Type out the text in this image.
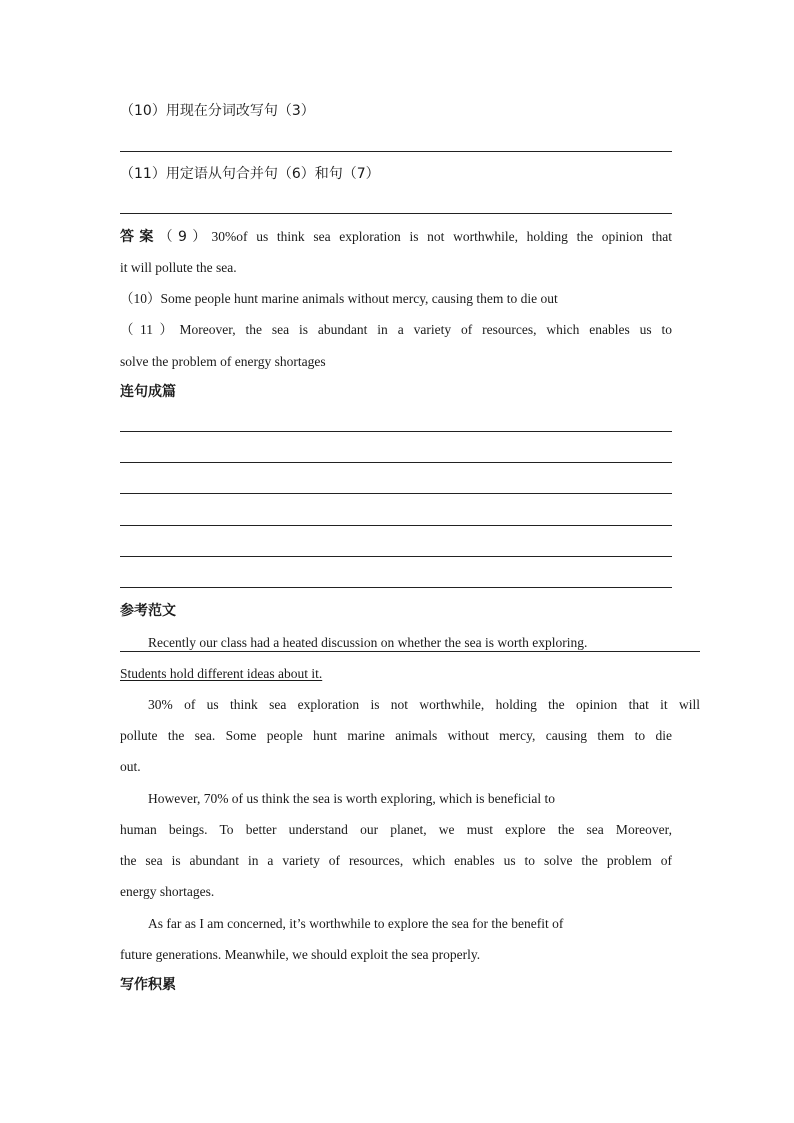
（10）用现在分词改写句（3）
（11）用定语从句合并句（6）和句（7）
答案（9）30%of us think sea exploration is not worthwhile, holding the opinion that
it will pollute the sea.
（10）Some people hunt marine animals without mercy, causing them to die out
（11）Moreover, the sea is abundant in a variety of resources, which enables us to
solve the problem of energy shortages
连句成篇
参考范文
Recently our class had a heated discussion on whether the sea is worth exploring.
Students hold different ideas about it.
30% of us think sea exploration is not worthwhile, holding the opinion that it will
pollute the sea. Some people hunt marine animals without mercy, causing them to die
out.
However, 70% of us think the sea is worth exploring, which is beneficial to
human beings. To better understand our planet, we must explore the sea Moreover,
the sea is abundant in a variety of resources, which enables us to solve the problem of
energy shortages.
As far as I am concerned, it’s worthwhile to explore the sea for the benefit of
future generations. Meanwhile, we should exploit the sea properly.
写作积累
